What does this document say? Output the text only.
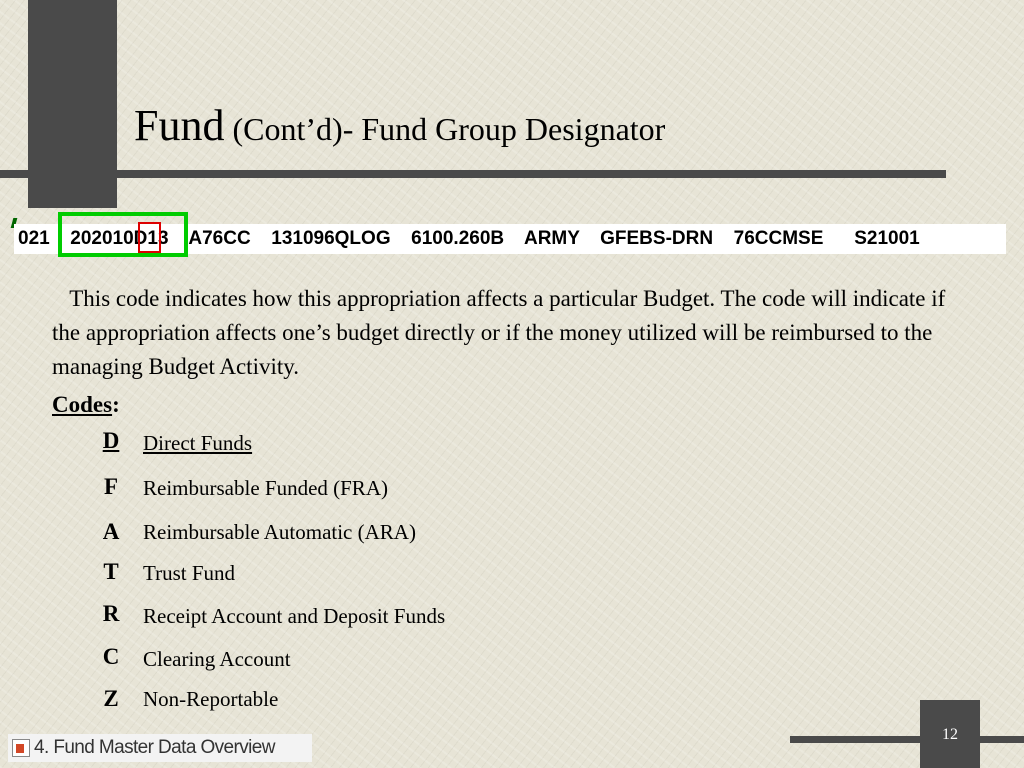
Fund (Cont’d)- Fund Group Designator
021  202010D13  A76CC  131096QLOG  6100.260B  ARMY  GFEBS-DRN  76CCMSE   S21001
This code indicates how this appropriation affects a particular Budget. The code will indicate if the appropriation affects one’s budget directly or if the money utilized will be reimbursed to the managing Budget Activity.
Codes:
D Direct Funds
F	Reimbursable Funded (FRA)
A Reimbursable Automatic (ARA)
T	Trust Fund
R Receipt Account and Deposit Funds
C Clearing Account
Z	Non-Reportable
12
4. Fund Master Data Overview
